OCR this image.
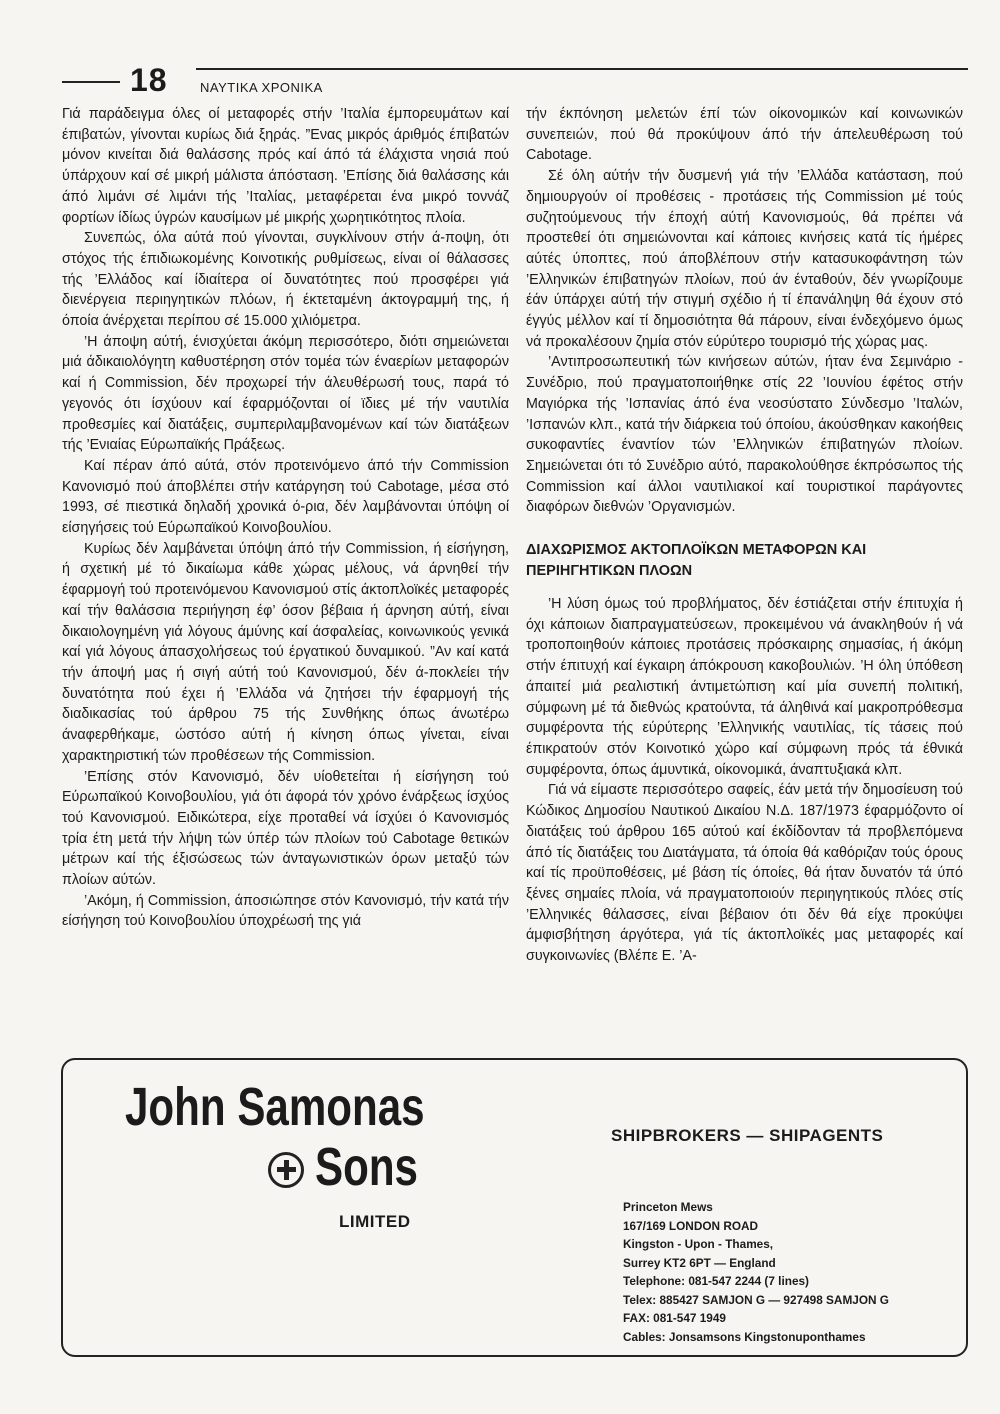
18 ΝΑΥΤΙΚΑ ΧΡΟΝΙΚΑ

Γιά παράδειγμα όλες οί μεταφορές στήν ’Ιταλία έμπορευμάτων καί έπιβατών, γίνονται κυρίως διά ξηράς. ”Ενας μικρός άριθμός έπιβατών μόνον κινείται διά θαλάσσης πρός καί άπό τά έλάχιστα νησιά πού ύπάρχουν καί σέ μικρή μάλιστα άπόσταση. ’Επίσης διά θαλάσσης κάι άπό λιμάνι σέ λιμάνι τής ’Ιταλίας, μεταφέρεται ένα μικρό τοννάζ φορτίων ίδίως ύγρών καυσίμων μέ μικρής χωρητικότητος πλοία.

Συνεπώς, όλα αύτά πού γίνονται, συγκλίνουν στήν ά-ποψη, ότι στόχος τής έπιδιωκομένης Κοινοτικής ρυθμίσεως, είναι οί θάλασσες τής ’Ελλάδος καί ίδιαίτερα οί δυνατότητες πού προσφέρει γιά διενέργεια περιηγητικών πλόων, ή έκτεταμένη άκτογραμμή της, ή όποία άνέρχεται περίπου σέ 15.000 χιλιόμετρα.

’Η άποψη αύτή, ένισχύεται άκόμη περισσότερο, διότι σημειώνεται μιά άδικαιολόγητη καθυστέρηση στόν τομέα τών έναερίων μεταφορών καί ή Commission, δέν προχωρεί τήν άλευθέρωσή τους, παρά τό γεγονός ότι ίσχύουν καί έφαρμόζονται οί ϊδιες μέ τήν ναυτιλία προθεσμίες καί διατάξεις, συμπεριλαμβανομένων καί τών διατάξεων τής ’Ενιαίας Εύρωπαϊκής Πράξεως.

Καί πέραν άπό αύτά, στόν προτεινόμενο άπό τήν Commission Κανονισμό πού άποβλέπει στήν κατάργηση τού Cabotage, μέσα στό 1993, σέ πιεστικά δηλαδή χρονικά ό-ρια, δέν λαμβάνονται ύπόψη οί είσηγήσεις τού Εύρωπαϊκού Κοινοβουλίου.

Κυρίως δέν λαμβάνεται ύπόψη άπό τήν Commission, ή είσήγηση, ή σχετική μέ τό δικαίωμα κάθε χώρας μέλους, νά άρνηθεί τήν έφαρμογή τού προτεινόμενου Κανονισμού στίς άκτοπλοϊκές μεταφορές καί τήν θαλάσσια περιήγηση έφ’ όσον βέβαια ή άρνηση αύτή, είναι δικαιολογημένη γιά λόγους άμύνης καί άσφαλείας, κοινωνικούς γενικά καί γιά λόγους άπασχολήσεως τού έργατικού δυναμικού. ”Αν καί κατά τήν άποψή μας ή σιγή αύτή τού Κανονισμού, δέν ά-ποκλείει τήν δυνατότητα πού έχει ή ’Ελλάδα νά ζητήσει τήν έφαρμογή τής διαδικασίας τού άρθρου 75 τής Συνθήκης όπως άνωτέρω άναφερθήκαμε, ώστόσο αύτή ή κίνηση όπως γίνεται, είναι χαρακτηριστική τών προθέσεων τής Commission.

’Επίσης στόν Κανονισμό, δέν υίοθετείται ή είσήγηση τού Εύρωπαϊκού Κοινοβουλίου, γιά ότι άφορά τόν χρόνο ένάρξεως ίσχύος τού Κανονισμού. Ειδικώτερα, είχε προταθεί νά ίσχύει ό Κανονισμός τρία έτη μετά τήν λήψη τών ύπέρ τών πλοίων τού Cabotage θετικών μέτρων καί τής έξισώσεως τών άνταγωνιστικών όρων μεταξύ τών πλοίων αύτών.

’Ακόμη, ή Commission, άποσιώπησε στόν Κανονισμό, τήν κατά τήν είσήγηση τού Κοινοβουλίου ύποχρέωσή της γιά

τήν έκπόνηση μελετών έπί τών οίκονομικών καί κοινωνικών συνεπειών, πού θά προκύψουν άπό τήν άπελευθέρωση τού Cabotage.

Σέ όλη αύτήν τήν δυσμενή γιά τήν ’Ελλάδα κατάσταση, πού δημιουργούν οί προθέσεις - προτάσεις τής Commission μέ τούς συζητούμενους τήν έποχή αύτή Κανονισμούς, θά πρέπει νά προστεθεί ότι σημειώνονται καί κάποιες κινήσεις κατά τίς ήμέρες αύτές ύποπτες, πού άποβλέπουν στήν κατασυκοφάντηση τών ’Ελληνικών έπιβατηγών πλοίων, πού άν ένταθούν, δέν γνωρίζουμε έάν ύπάρχει αύτή τήν στιγμή σχέδιο ή τί έπανάληψη θά έχουν στό έγγύς μέλλον καί τί δημοσιότητα θά πάρουν, είναι ένδεχόμενο όμως νά προκαλέσουν ζημία στόν εύρύτερο τουρισμό τής χώρας μας.

’Αντιπροσωπευτική τών κινήσεων αύτών, ήταν ένα Σεμινάριο - Συνέδριο, πού πραγματοποιήθηκε στίς 22 ’Ιουνίου έφέτος στήν Μαγιόρκα τής ’Ισπανίας άπό ένα νεοσύστατο Σύνδεσμο ’Ιταλών, ’Ισπανών κλπ., κατά τήν διάρκεια τού όποίου, άκούσθηκαν κακοήθεις συκοφαντίες έναντίον τών ’Ελληνικών έπιβατηγών πλοίων. Σημειώνεται ότι τό Συνέδριο αύτό, παρακολούθησε έκπρόσωπος τής Commission καί άλλοι ναυτιλιακοί καί τουριστικοί παράγοντες διαφόρων διεθνών ’Οργανισμών.

ΔΙΑΧΩΡΙΣΜΟΣ ΑΚΤΟΠΛΟΪΚΩΝ ΜΕΤΑΦΟΡΩΝ ΚΑΙ ΠΕΡΙΗΓΗΤΙΚΩΝ ΠΛΟΩΝ

’Η λύση όμως τού προβλήματος, δέν έστιάζεται στήν έπιτυχία ή όχι κάποιων διαπραγματεύσεων, προκειμένου νά άνακληθούν ή νά τροποποιηθούν κάποιες προτάσεις πρόσκαιρης σημασίας, ή άκόμη στήν έπιτυχή καί έγκαιρη άπόκρουση κακοβουλιών. ’Η όλη ύπόθεση άπαιτεί μιά ρεαλιστική άντιμετώπιση καί μία συνεπή πολιτική, σύμφωνη μέ τά διεθνώς κρατούντα, τά άληθινά καί μακροπρόθεσμα συμφέροντα τής εύρύτερης ’Ελληνικής ναυτιλίας, τίς τάσεις πού έπικρατούν στόν Κοινοτικό χώρο καί σύμφωνη πρός τά έθνικά συμφέροντα, όπως άμυντικά, οίκονομικά, άναπτυξιακά κλπ.

Γιά νά είμαστε περισσότερο σαφείς, έάν μετά τήν δημοσίευση τού Κώδικος Δημοσίου Ναυτικού Δικαίου Ν.Δ. 187/1973 έφαρμόζοντο οί διατάξεις τού άρθρου 165 αύτού καί έκδίδονταν τά προβλεπόμενα άπό τίς διατάξεις του Διατάγματα, τά όποία θά καθόριζαν τούς όρους καί τίς προϋποθέσεις, μέ βάση τίς όποίες, θά ήταν δυνατόν τά ύπό ξένες σημαίες πλοία, νά πραγματοποιούν περιηγητικούς πλόες στίς ’Ελληνικές θάλασσες, είναι βέβαιον ότι δέν θά είχε προκύψει άμφισβήτηση άργότερα, γιά τίς άκτοπλοϊκές μας μεταφορές καί συγκοινωνίες (Βλέπε Ε. ’Α-

John Samonas
Sons
LIMITED
SHIPBROKERS — SHIPAGENTS
Princeton Mews
167/169 LONDON ROAD
Kingston - Upon - Thames,
Surrey KT2 6PT — England
Telephone: 081-547 2244 (7 lines)
Telex: 885427 SAMJON G — 927498 SAMJON G
FAX: 081-547 1949
Cables: Jonsamsons Kingstonuponthames
